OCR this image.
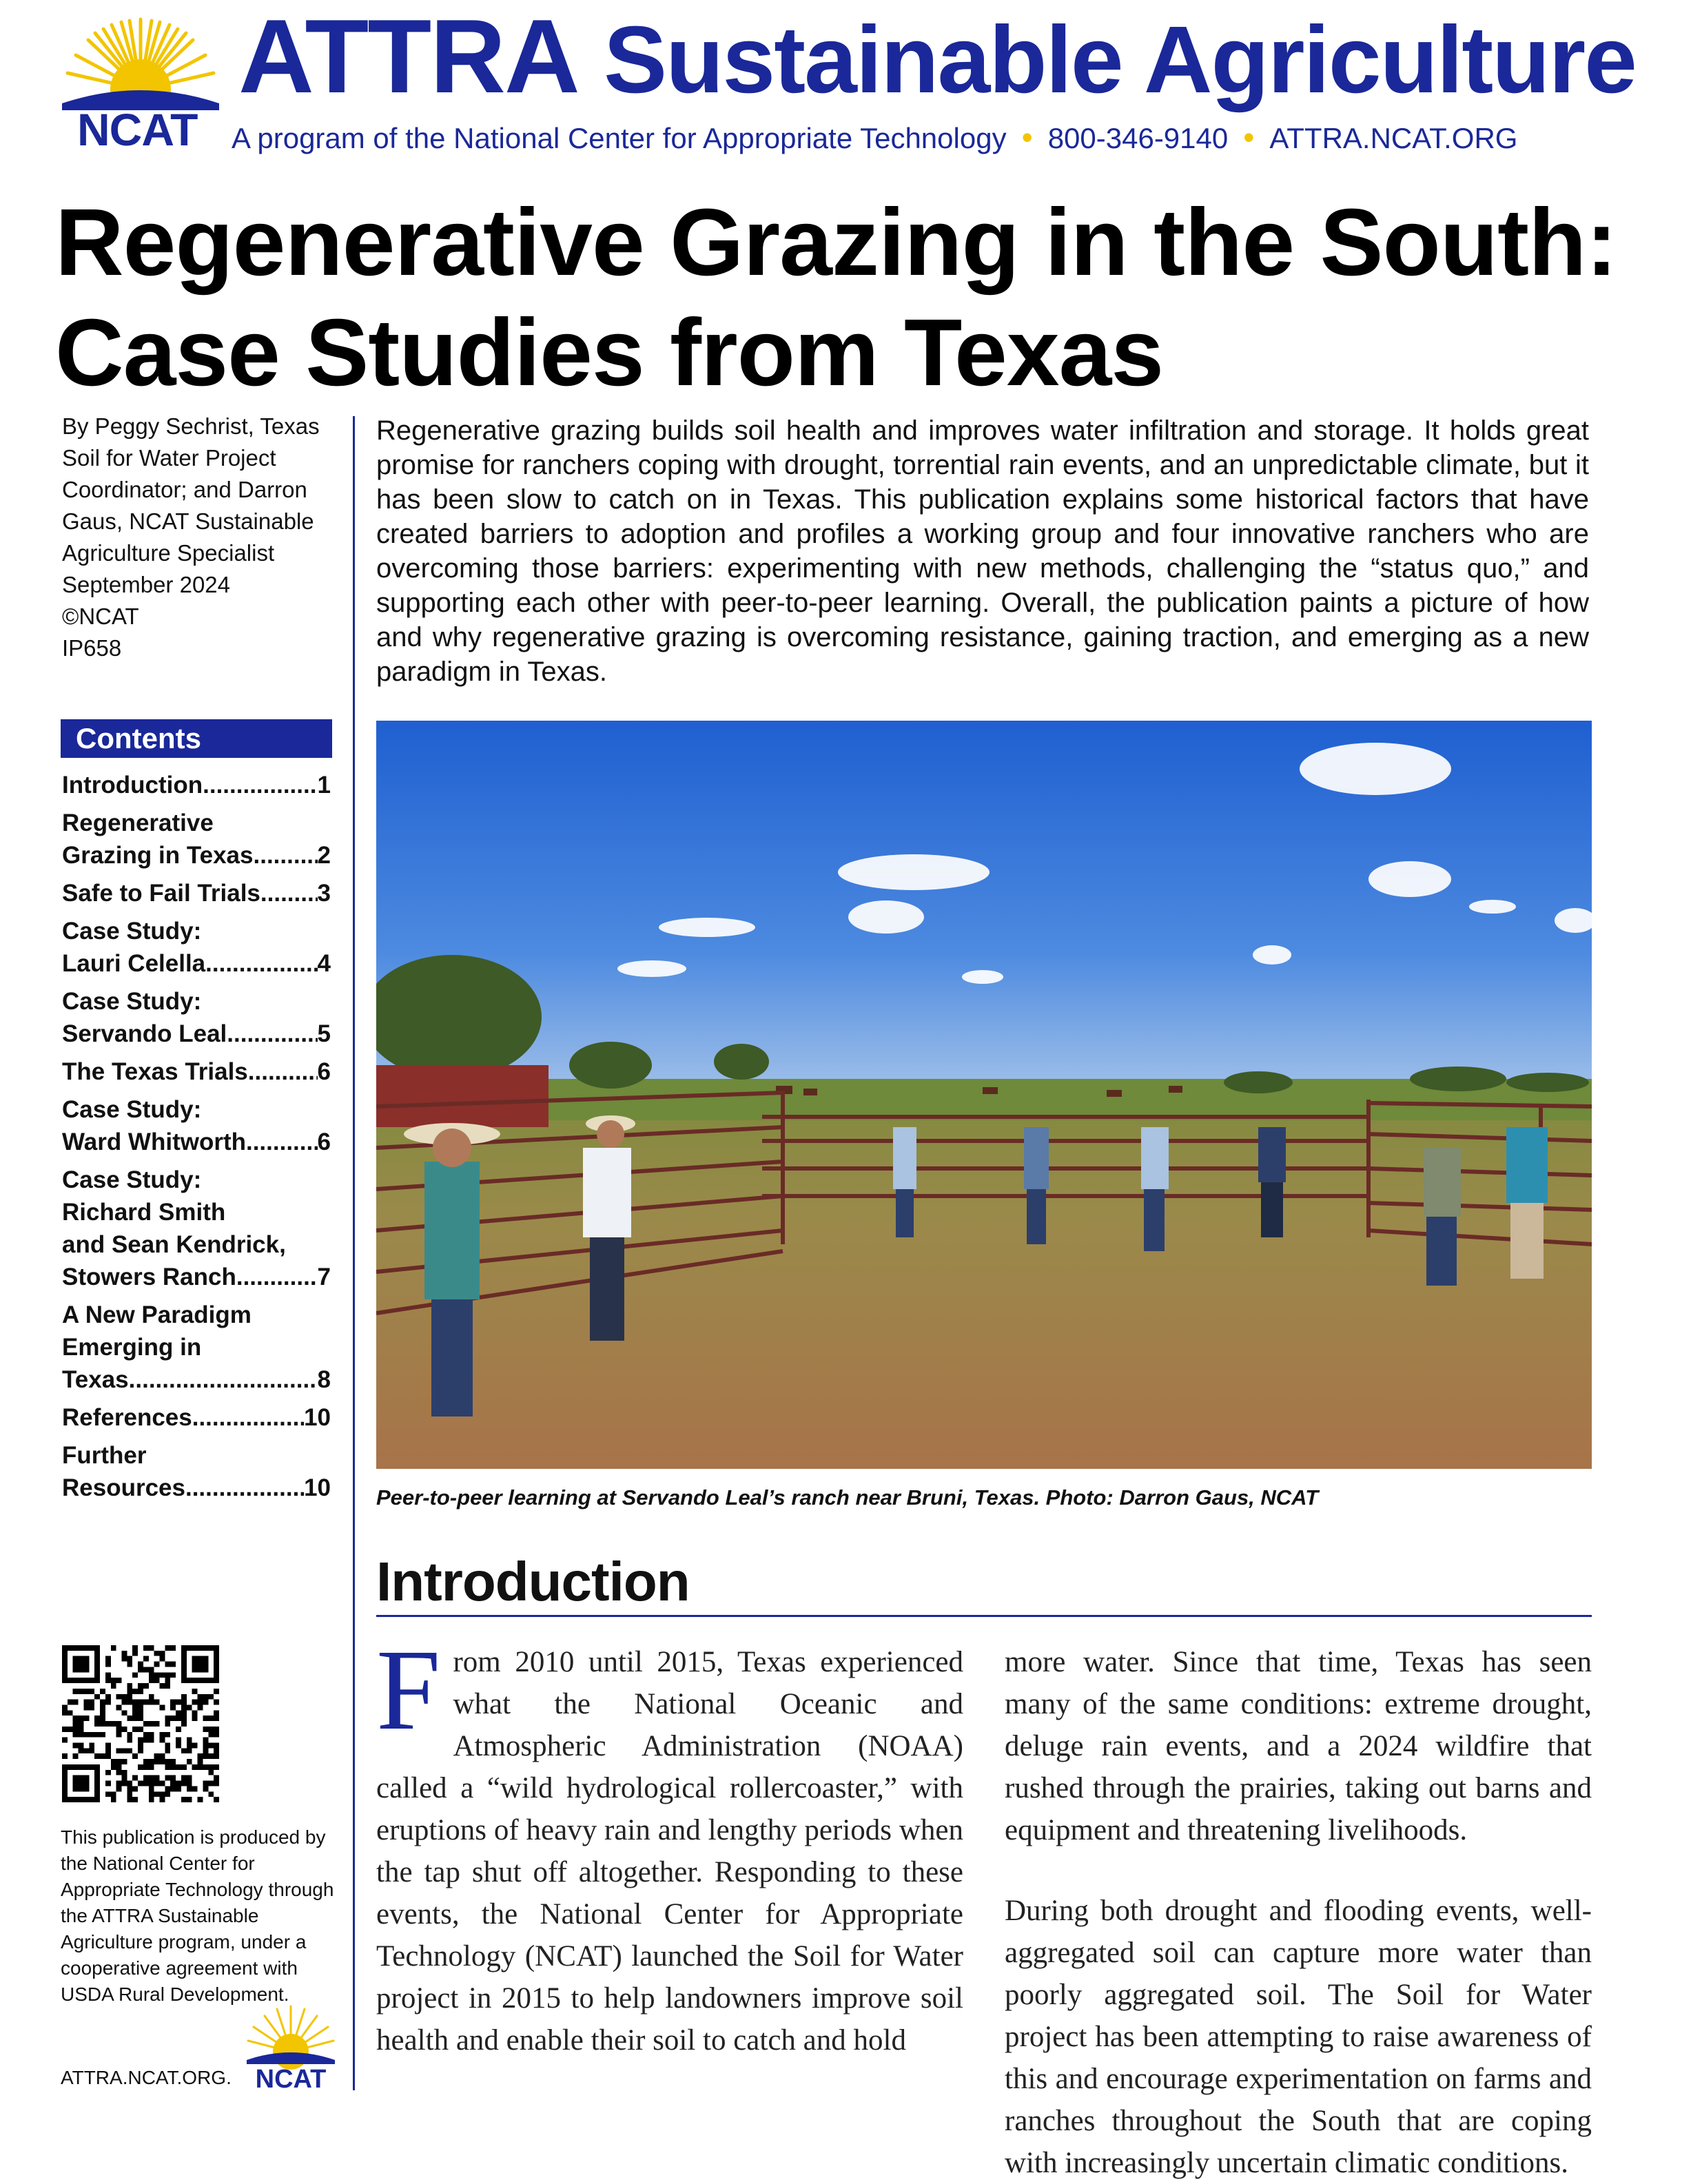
ATTRA Sustainable Agriculture
NCAT A program of the National Center for Appropriate Technology • 800-346-9140 • ATTRA.NCAT.ORG
Regenerative Grazing in the South:
Case Studies from Texas
By Peggy Sechrist, Texas
Soil for Water Project
Coordinator; and Darron
Gaus, NCAT Sustainable
Agriculture Specialist
September 2024
©NCAT
IP658
Contents
Introduction .....	1
Regenerative
Grazing in Texas .....	2
Safe to Fail Trials ..... 3
Case Study:
Lauri Celella .....	4
Case Study:
Servando Leal .....	5
The Texas Trials .....	6
Case Study:
Ward Whitworth .....	6
Case Study:
Richard Smith
and Sean Kendrick,
Stowers Ranch .....	7
A New Paradigm
Emerging in
Texas .....	8
References .....	10
Further
Resources .....	10
This publication is produced by the National Center for Appropriate Technology through the ATTRA Sustainable Agriculture program, under a cooperative agreement with USDA Rural Development.
ATTRA.NCAT.ORG. NCAT
Regenerative grazing builds soil health and improves water infiltration and storage. It holds great promise for ranchers coping with drought, torrential rain events, and an unpredictable climate, but it has been slow to catch on in Texas. This publication explains some historical factors that have created barriers to adoption and profiles a working group and four innovative ranchers who are overcoming those barriers: experimenting with new methods, challenging the “status quo,” and supporting each other with peer-to-peer learning. Overall, the publication paints a picture of how and why regenerative grazing is overcoming resistance, gaining traction, and emerging as a new paradigm in Texas.
Peer-to-peer learning at Servando Leal’s ranch near Bruni, Texas. Photo: Darron Gaus, NCAT
Introduction
From 2010 until 2015, Texas experienced what the National Oceanic and Atmospheric Administration (NOAA) called a “wild hydrological rollercoaster,” with eruptions of heavy rain and lengthy periods when the tap shut off altogether. Responding to these events, the National Center for Appropriate Technology (NCAT) launched the Soil for Water project in 2015 to help landowners improve soil health and enable their soil to catch and hold
more water. Since that time, Texas has seen many of the same conditions: extreme drought, deluge rain events, and a 2024 wildfire that rushed through the prairies, taking out barns and equipment and threatening livelihoods.
During both drought and flooding events, well-aggregated soil can capture more water than poorly aggregated soil. The Soil for Water project has been attempting to raise awareness of this and encourage experimentation on farms and ranches throughout the South that are coping with increasingly uncertain climatic conditions.
